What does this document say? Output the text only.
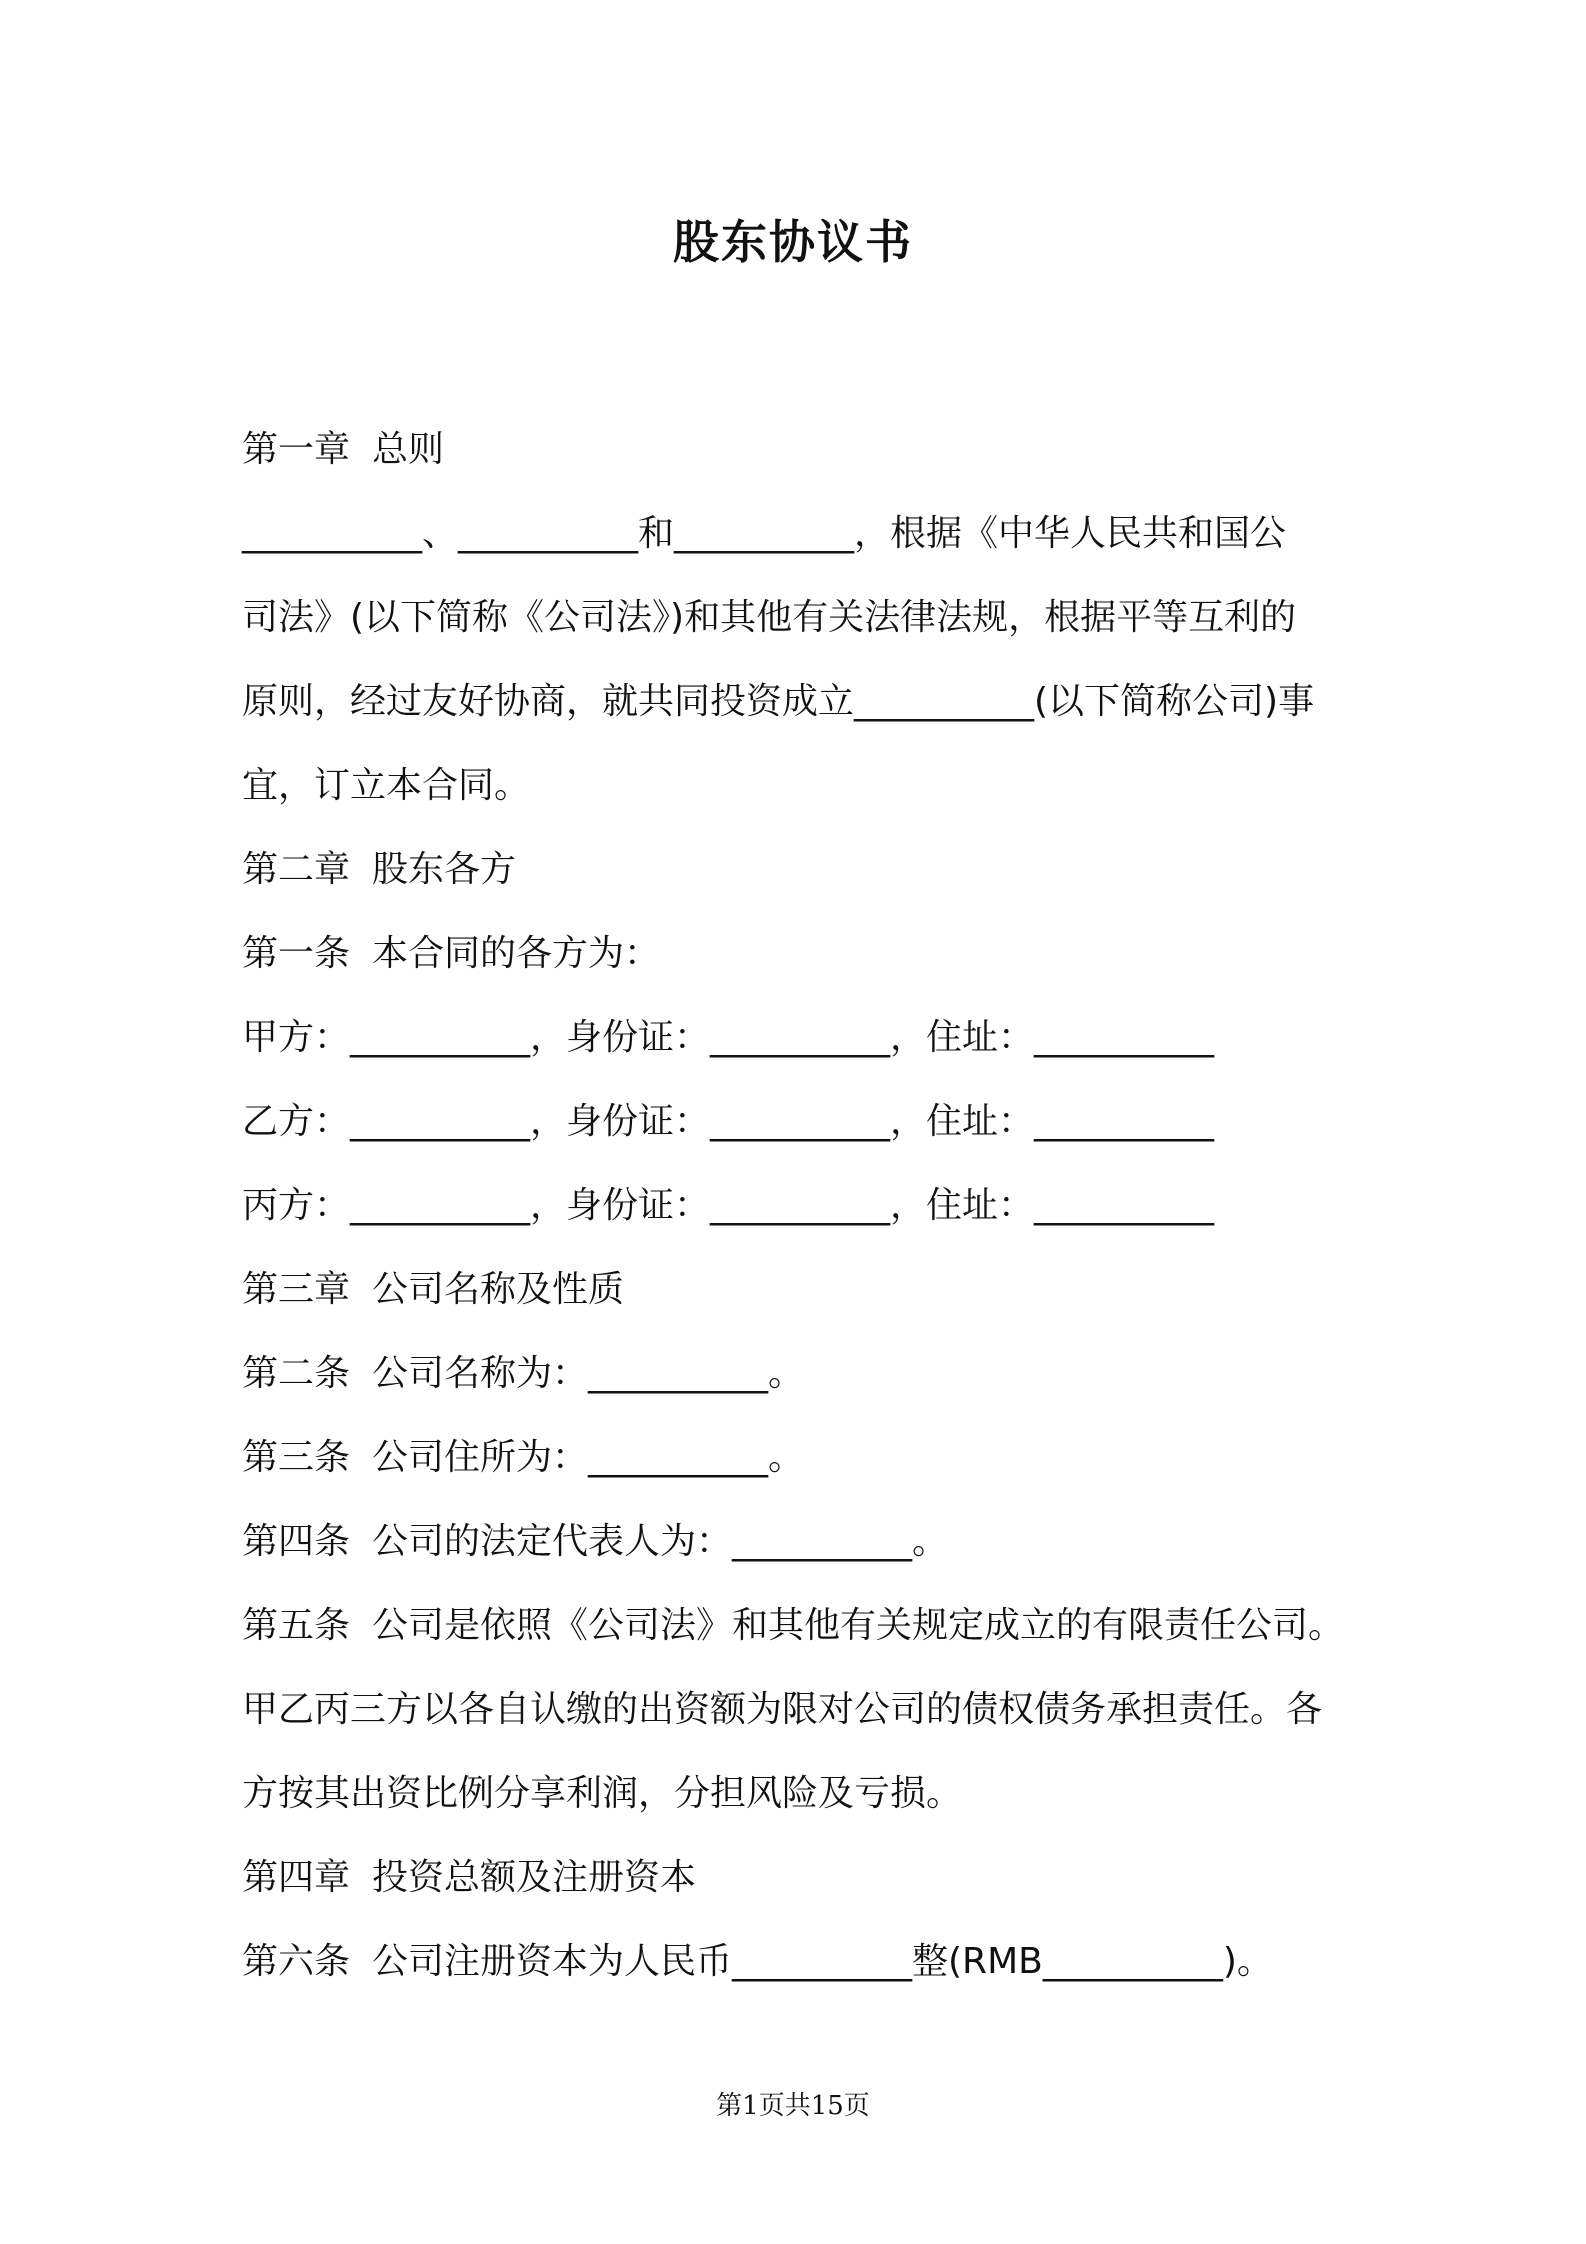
股东协议书
第一章 总则
__________、__________和__________，根据《中华人民共和国公
司法》(以下简称《公司法》)和其他有关法律法规，根据平等互利的
原则，经过友好协商，就共同投资成立__________(以下简称公司)事
宜，订立本合同。
第二章 股东各方
第一条 本合同的各方为：
甲方：__________，身份证：__________，住址：__________
乙方：__________，身份证：__________，住址：__________
丙方：__________，身份证：__________，住址：__________
第三章 公司名称及性质
第二条 公司名称为：__________。
第三条 公司住所为：__________。
第四条 公司的法定代表人为：__________。
第五条 公司是依照《公司法》和其他有关规定成立的有限责任公司。
甲乙丙三方以各自认缴的出资额为限对公司的债权债务承担责任。各
方按其出资比例分享利润，分担风险及亏损。
第四章 投资总额及注册资本
第六条 公司注册资本为人民币__________整(RMB__________)。
第1页共15页
